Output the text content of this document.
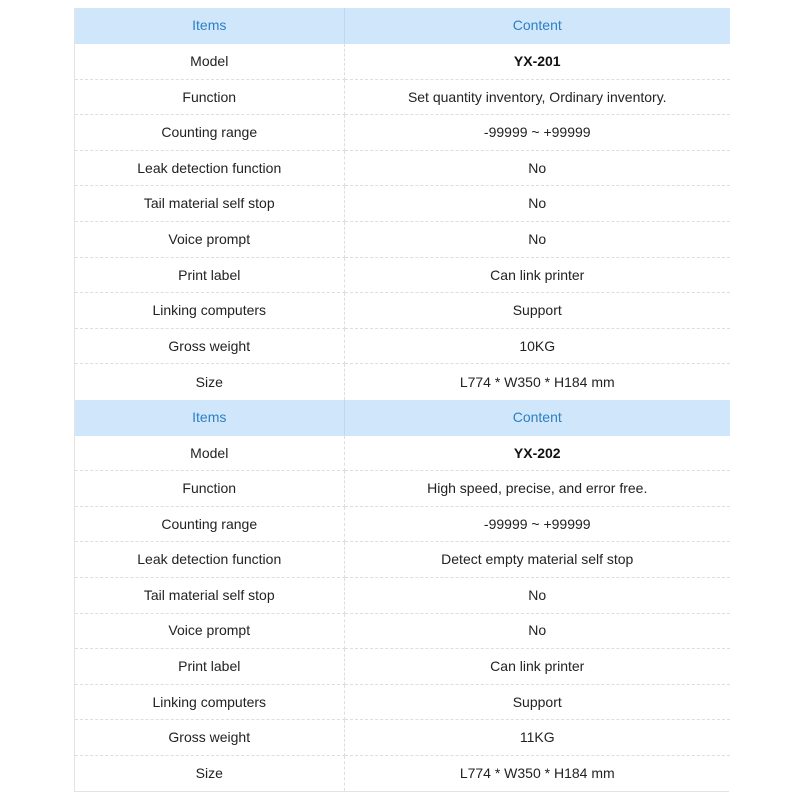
Items	Content
Model	YX-201
Function	Set quantity inventory, Ordinary inventory.
Counting range	-99999 ~ +99999
Leak detection function	No
Tail material self stop	No
Voice prompt	No
Print label	Can link printer
Linking computers	Support
Gross weight	10KG
Size	L774 * W350 * H184 mm
Items	Content
Model	YX-202
Function	High speed, precise, and error free.
Counting range	-99999 ~ +99999
Leak detection function	Detect empty material self stop
Tail material self stop	No
Voice prompt	No
Print label	Can link printer
Linking computers	Support
Gross weight	11KG
Size	L774 * W350 * H184 mm
